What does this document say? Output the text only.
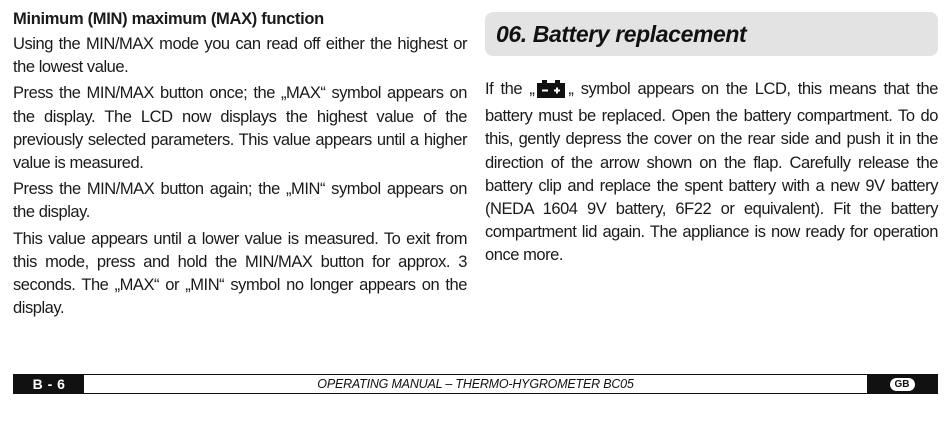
Minimum (MIN) maximum (MAX) function

Using the MIN/MAX mode you can read off either the highest or the lowest value.

Press the MIN/MAX button once; the „MAX“ symbol appears on the display. The LCD now displays the highest value of the previously selected parameters. This value appears until a higher value is measured.

Press the MIN/MAX button again; the „MIN“ symbol appears on the display.

This value appears until a lower value is measured. To exit from this mode, press and hold the MIN/MAX button for approx. 3 seconds. The „MAX“ or „MIN“ symbol no longer appears on the display.

06. Battery replacement

If the „ „ symbol appears on the LCD, this means that the battery must be replaced. Open the battery compartment. To do this, gently depress the cover on the rear side and push it in the direction of the arrow shown on the flap. Carefully release the battery clip and replace the spent battery with a new 9V battery (NEDA 1604 9V battery, 6F22 or equivalent). Fit the battery compartment lid again. The appliance is now ready for operation once more.

B - 6	OPERATING MANUAL – THERMO-HYGROMETER BC05	GB
